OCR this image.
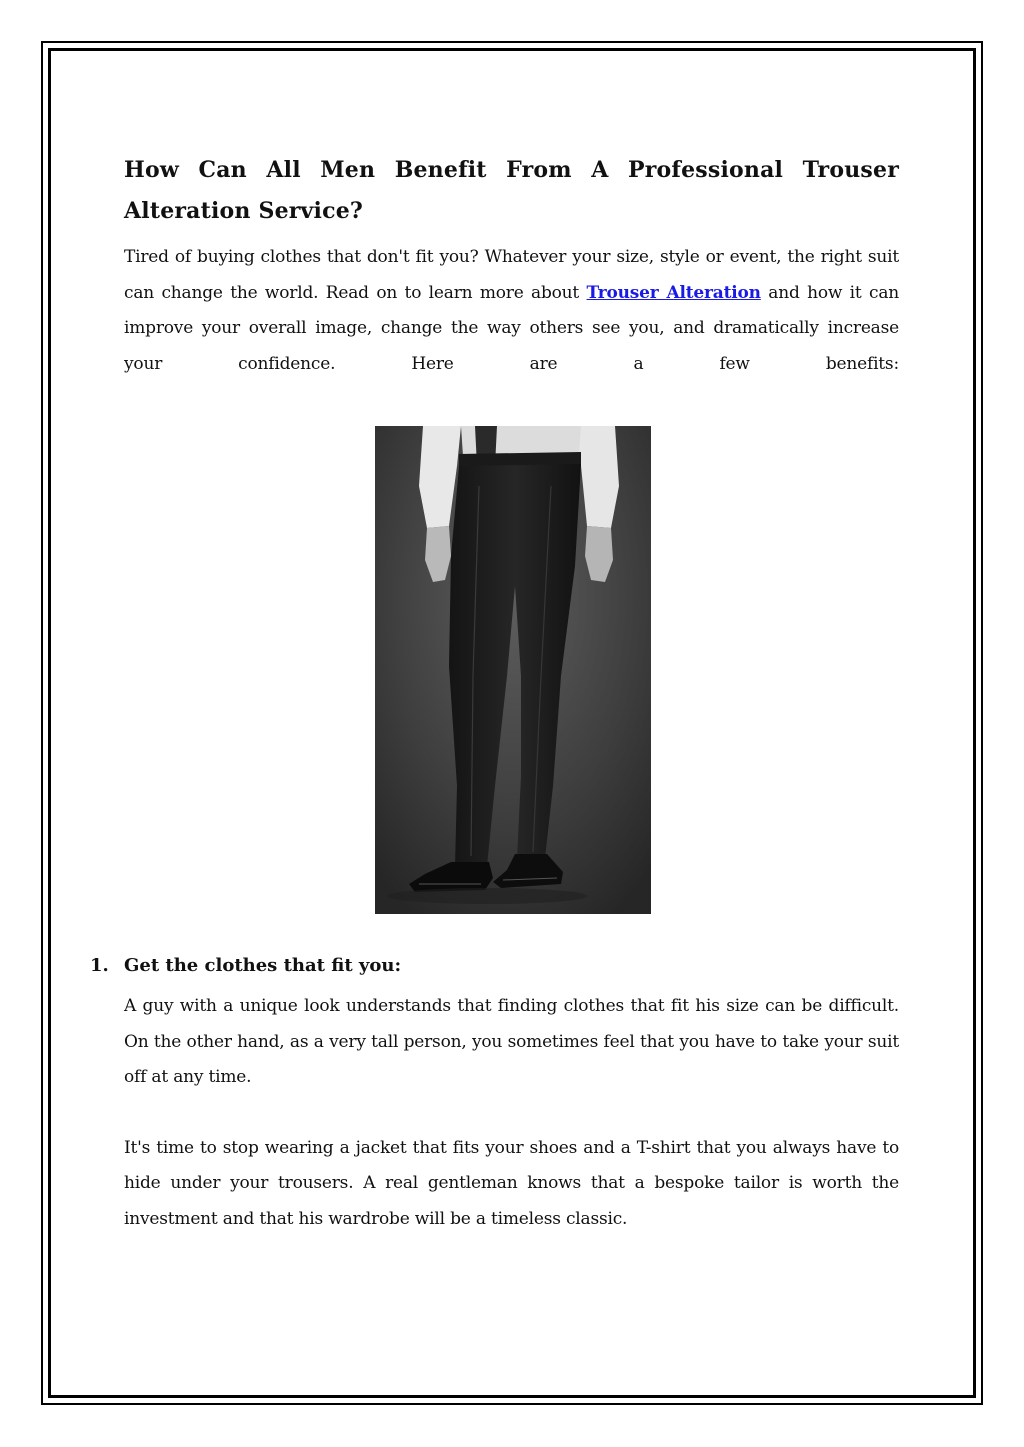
How Can All Men Benefit From A Professional Trouser Alteration Service?

Tired of buying clothes that don't fit you? Whatever your size, style or event, the right suit can change the world. Read on to learn more about Trouser Alteration and how it can improve your overall image, change the way others see you, and dramatically increase your confidence. Here are a few benefits:

1. Get the clothes that fit you:

A guy with a unique look understands that finding clothes that fit his size can be difficult. On the other hand, as a very tall person, you sometimes feel that you have to take your suit off at any time.

It's time to stop wearing a jacket that fits your shoes and a T-shirt that you always have to hide under your trousers. A real gentleman knows that a bespoke tailor is worth the investment and that his wardrobe will be a timeless classic.
